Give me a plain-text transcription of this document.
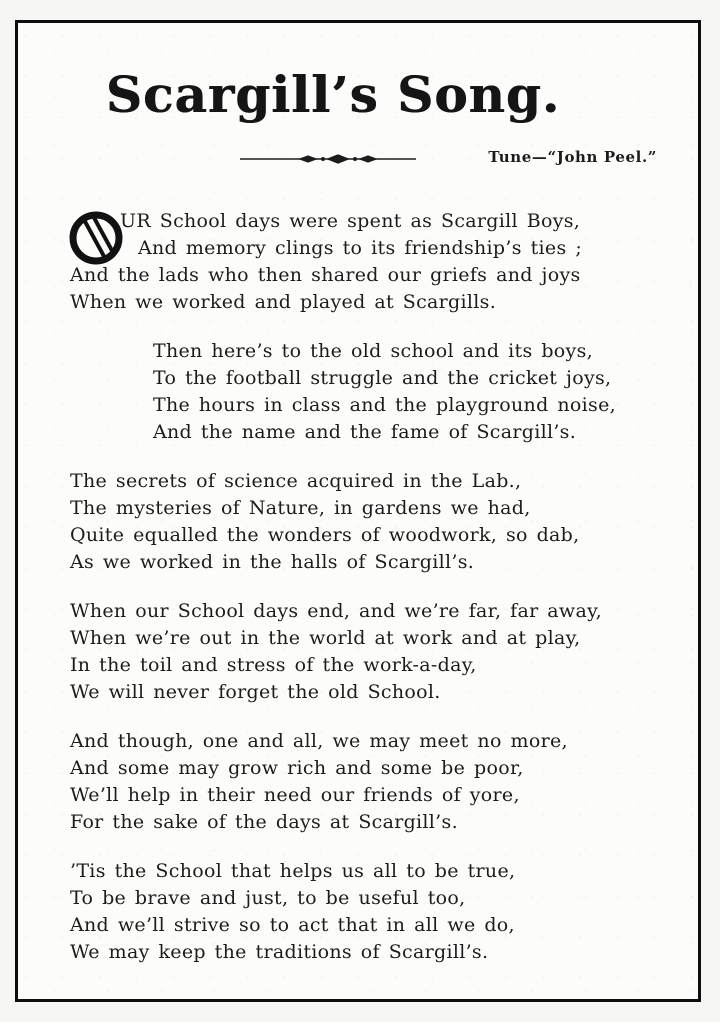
Scargill’s Song.
Tune—“John Peel.”
UR School days were spent as Scargill Boys,
And memory clings to its friendship’s ties ;
And the lads who then shared our griefs and joys
When we worked and played at Scargills.
Then here’s to the old school and its boys,
To the football struggle and the cricket joys,
The hours in class and the playground noise,
And the name and the fame of Scargill’s.
The secrets of science acquired in the Lab.,
The mysteries of Nature, in gardens we had,
Quite equalled the wonders of woodwork, so dab,
As we worked in the halls of Scargill’s.
When our School days end, and we’re far, far away,
When we’re out in the world at work and at play,
In the toil and stress of the work-a-day,
We will never forget the old School.
And though, one and all, we may meet no more,
And some may grow rich and some be poor,
We’ll help in their need our friends of yore,
For the sake of the days at Scargill’s.
’Tis the School that helps us all to be true,
To be brave and just, to be useful too,
And we’ll strive so to act that in all we do,
We may keep the traditions of Scargill’s.
